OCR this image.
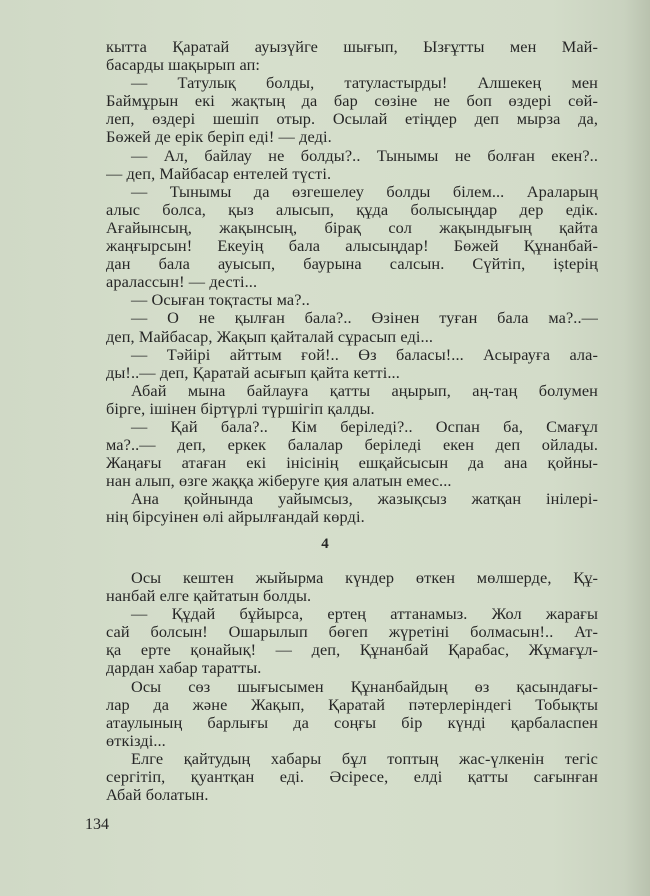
кытта Қаратай ауызүйге шығып, Ызғұтты мен Май-
басарды шақырып ап:
— Татулық болды, татуластырды! Алшекең мен
Баймұрын екі жақтың да бар сөзіне не боп өздері сөй-
леп, өздері шешіп отыр. Осылай етіңдер деп мырза да,
Бөжей де ерік беріп еді! — деді.
— Ал, байлау не болды?.. Тынымы не болған екен?..
— деп, Майбасар ентелей түсті.
— Тынымы да өзгешелеу болды білем... Араларың
алыс болса, қыз алысып, құда болысыңдар дер едік.
Ағайынсың, жақынсың, бірақ сол жақындығың қайта
жаңғырсын! Екеуің бала алысыңдар! Бөжей Құнанбай-
дан бала ауысып, баурына салсын. Сүйтіп, іștерің
аралассын! — десті...
— Осыған тоқтасты ма?..
— О не қылған бала?.. Өзінен туған бала ма?..—
деп, Майбасар, Жақып қайталай сұрасып еді...
— Тәйірі айттым ғой!.. Өз баласы!... Асырауға ала-
ды!..— деп, Қаратай асығып қайта кетті...
Абай мына байлауға қатты аңырып, аң-таң болумен
бірге, ішінен біртүрлі түршігіп қалды.
— Қай бала?.. Кім беріледі?.. Оспан ба, Смағұл
ма?..— деп, еркек балалар беріледі екен деп ойлады.
Жаңағы атаған екі інісінің ешқайсысын да ана қойны-
нан алып, өзге жаққа жіберуге қия алатын емес...
Ана қойнында уайымсыз, жазықсыз жатқан інілері-
нің бірсуінен өлі айрылғандай көрді.
4
Осы кештен жыйырма күндер өткен мөлшерде, Құ-
нанбай елге қайтатын болды.
— Құдай бұйырса, ертең аттанамыз. Жол жарағы
сай болсын! Ошарылып бөгеп жүретіні болмасын!.. Ат-
қа ерте қонайық! — деп, Құнанбай Қарабас, Жұмағұл-
дардан хабар таратты.
Осы сөз шығысымен Құнанбайдың өз қасындағы-
лар да және Жақып, Қаратай пәтерлеріндегі Тобықты
атаулының барлығы да соңғы бір күнді қарбаласпен
өткізді...
Елге қайтудың хабары бұл топтың жас-үлкенін тегіс
сергітіп, қуантқан еді. Әсіресе, елді қатты сағынған
Абай болатын.
134
